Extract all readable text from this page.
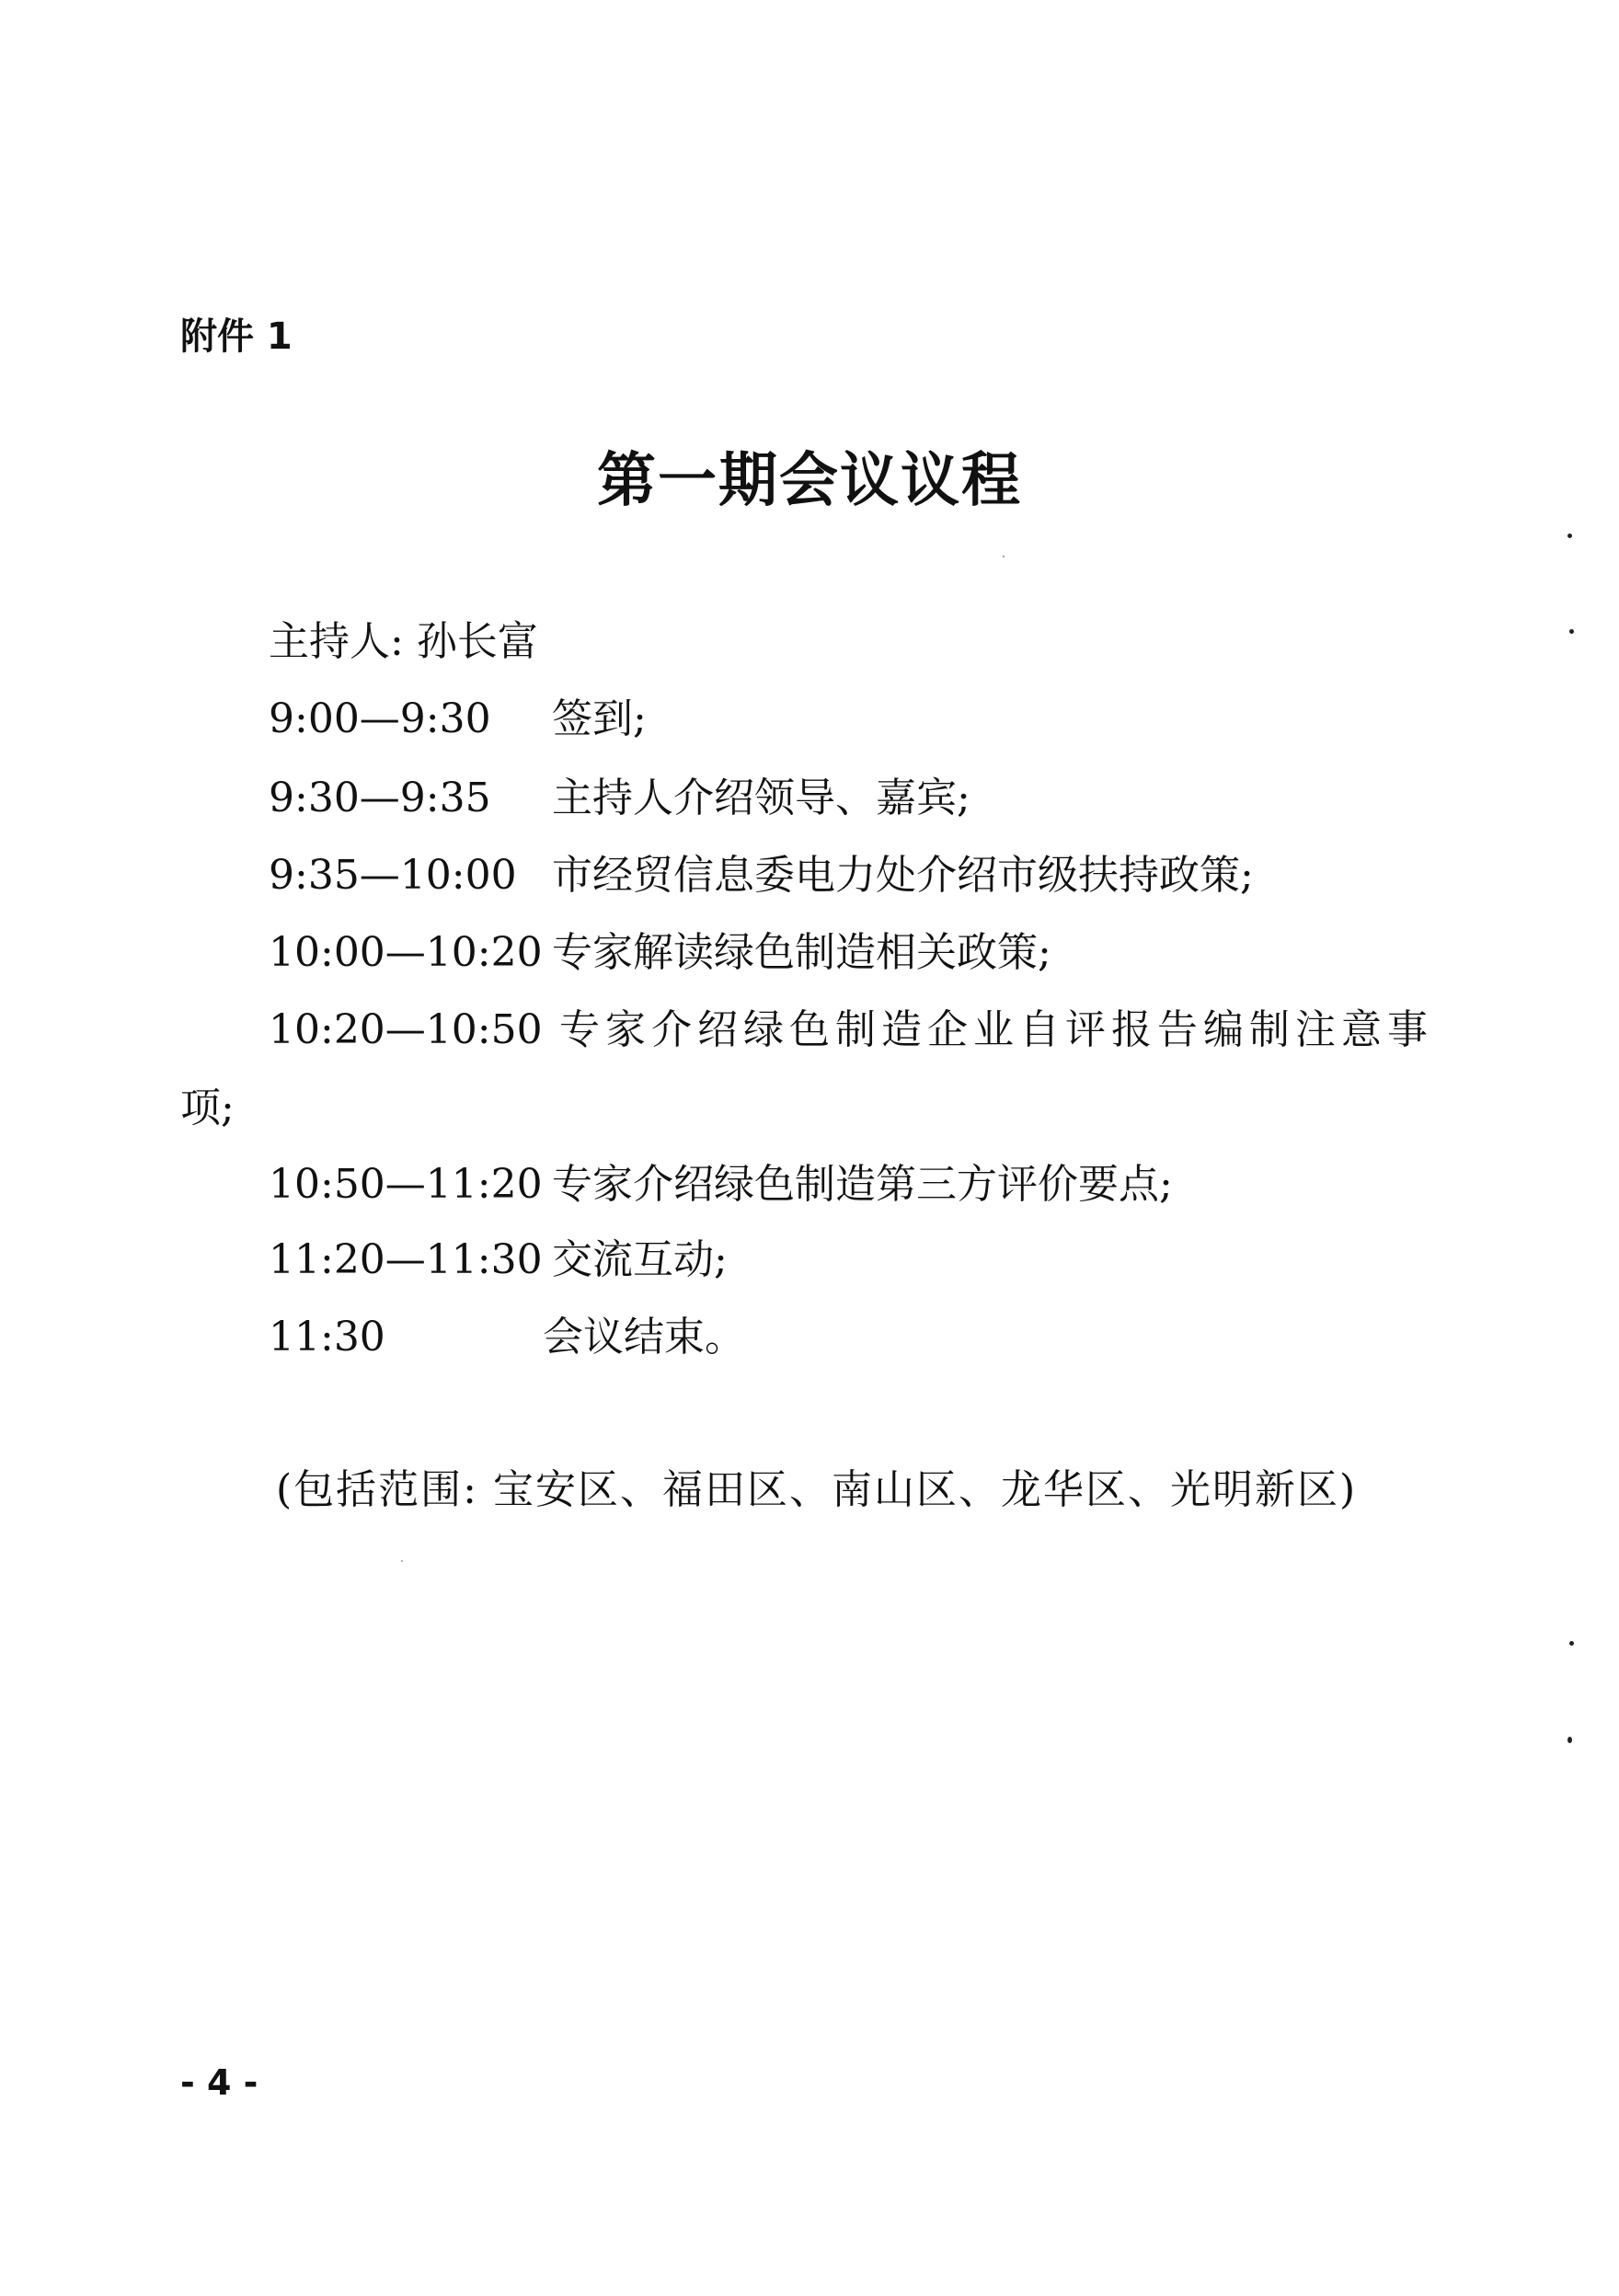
附件 1
第一期会议议程
主持人: 孙长富
9:00—9:30 签到;
9:30—9:35 主持人介绍领导、嘉宾;
9:35—10:00 市经贸信息委电力处介绍市级扶持政策;
10:00—10:20 专家解读绿色制造相关政策;
10:20—10:50 专家介绍绿色制造企业自评报告编制注意事
项;
10:50—11:20 专家介绍绿色制造第三方评价要点;
11:20—11:30 交流互动;
11:30	会议结束。
(包括范围: 宝安区、福田区、南山区、龙华区、光明新区)
- 4 -
